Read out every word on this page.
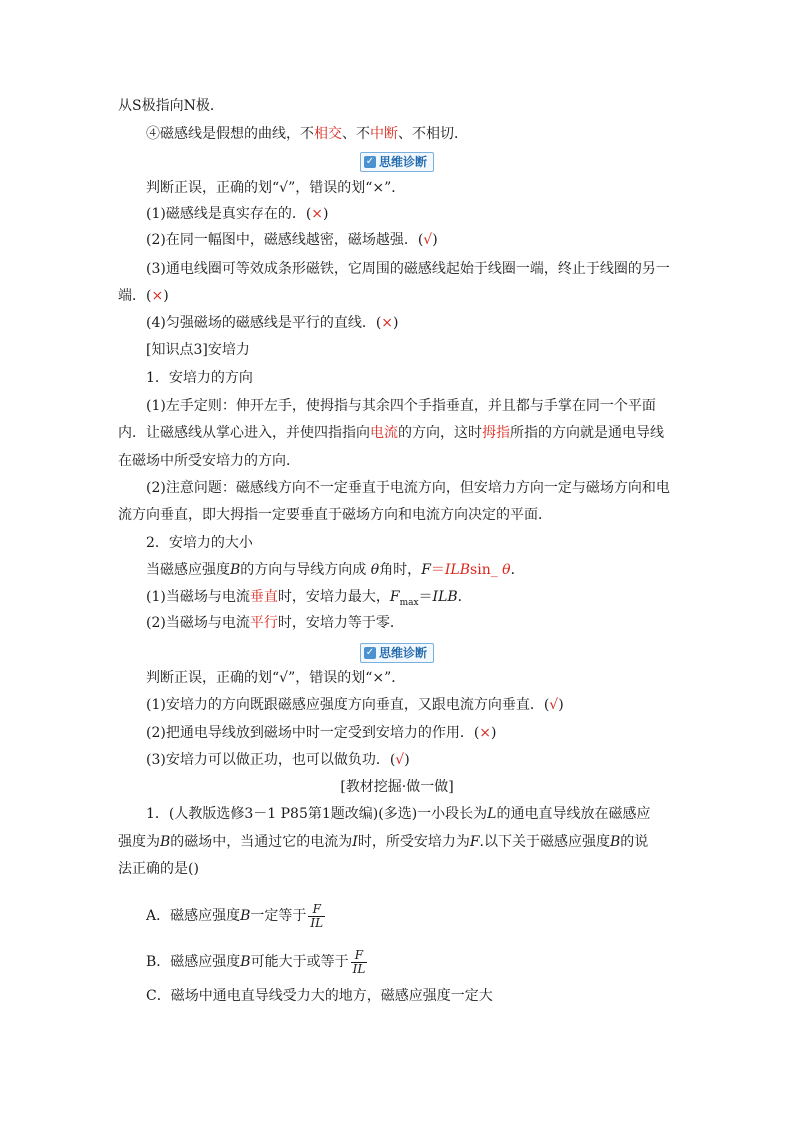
从S极指向N极．
④磁感线是假想的曲线，不相交、不中断、不相切．
✓ 思维诊断
判断正误，正确的划“√”，错误的划“×”．
(1)磁感线是真实存在的．(×)
(2)在同一幅图中，磁感线越密，磁场越强．(√)
(3)通电线圈可等效成条形磁铁，它周围的磁感线起始于线圈一端，终止于线圈的另一
端．(×)
(4)匀强磁场的磁感线是平行的直线．(×)
[知识点3]安培力
1．安培力的方向
(1)左手定则：伸开左手，使拇指与其余四个手指垂直，并且都与手掌在同一个平面
内．让磁感线从掌心进入，并使四指指向电流的方向，这时拇指所指的方向就是通电导线
在磁场中所受安培力的方向．
(2)注意问题：磁感线方向不一定垂直于电流方向，但安培力方向一定与磁场方向和电
流方向垂直，即大拇指一定要垂直于磁场方向和电流方向决定的平面．
2．安培力的大小
当磁感应强度B的方向与导线方向成 θ角时，F＝ILBsin_ θ．
(1)当磁场与电流垂直时，安培力最大，$F_{max}=ILB$．
(2)当磁场与电流平行时，安培力等于零．
✓ 思维诊断
判断正误，正确的划“√”，错误的划“×”．
(1)安培力的方向既跟磁感应强度方向垂直，又跟电流方向垂直．(√)
(2)把通电导线放到磁场中时一定受到安培力的作用．(×)
(3)安培力可以做正功，也可以做负功．(√)
[教材挖掘·做一做]
1．(人教版选修3－1 P85第1题改编)(多选)一小段长为L的通电直导线放在磁感应
强度为B的磁场中，当通过它的电流为I时，所受安培力为F.以下关于磁感应强度B的说
法正确的是()
A．磁感应强度B一定等于 $\frac{F}{IL}$
B．磁感应强度B可能大于或等于 $\frac{F}{IL}$
C．磁场中通电直导线受力大的地方，磁感应强度一定大
